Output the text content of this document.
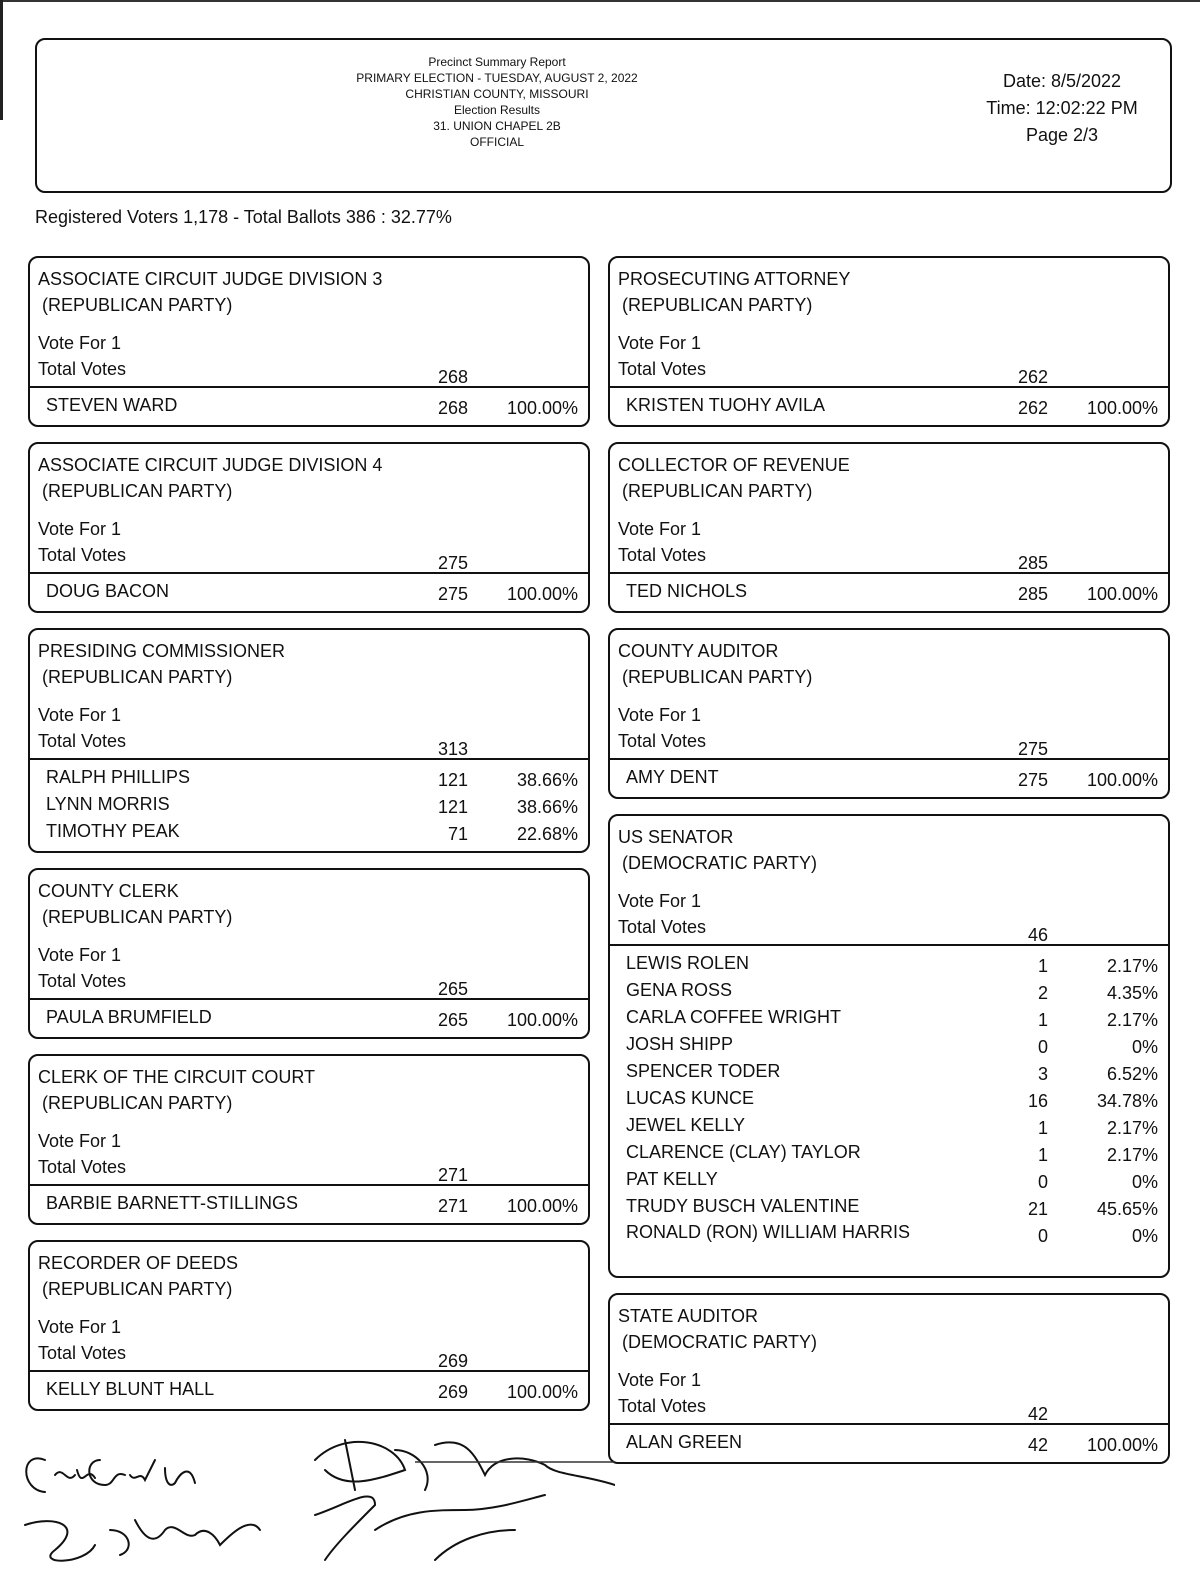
Precinct Summary Report
PRIMARY ELECTION - TUESDAY, AUGUST 2, 2022
CHRISTIAN COUNTY, MISSOURI
Election Results
31. UNION CHAPEL 2B
OFFICIAL
Date: 8/5/2022
Time: 12:02:22 PM
Page 2/3
Registered Voters 1,178 - Total Ballots 386 : 32.77%
ASSOCIATE CIRCUIT JUDGE DIVISION 3
(REPUBLICAN PARTY)
Vote For 1
Total Votes	268
STEVEN WARD	268	100.00%
ASSOCIATE CIRCUIT JUDGE DIVISION 4
(REPUBLICAN PARTY)
Vote For 1
Total Votes	275
DOUG BACON	275	100.00%
PRESIDING COMMISSIONER
(REPUBLICAN PARTY)
Vote For 1
Total Votes	313
RALPH PHILLIPS	121	38.66%
LYNN MORRIS	121	38.66%
TIMOTHY PEAK	71	22.68%
COUNTY CLERK
(REPUBLICAN PARTY)
Vote For 1
Total Votes	265
PAULA BRUMFIELD	265	100.00%
CLERK OF THE CIRCUIT COURT
(REPUBLICAN PARTY)
Vote For 1
Total Votes	271
BARBIE BARNETT-STILLINGS	271	100.00%
RECORDER OF DEEDS
(REPUBLICAN PARTY)
Vote For 1
Total Votes	269
KELLY BLUNT HALL	269	100.00%
PROSECUTING ATTORNEY
(REPUBLICAN PARTY)
Vote For 1
Total Votes	262
KRISTEN TUOHY AVILA	262	100.00%
COLLECTOR OF REVENUE
(REPUBLICAN PARTY)
Vote For 1
Total Votes	285
TED NICHOLS	285	100.00%
COUNTY AUDITOR
(REPUBLICAN PARTY)
Vote For 1
Total Votes	275
AMY DENT	275	100.00%
US SENATOR
(DEMOCRATIC PARTY)
Vote For 1
Total Votes	46
LEWIS ROLEN	1	2.17%
GENA ROSS	2	4.35%
CARLA COFFEE WRIGHT	1	2.17%
JOSH SHIPP	0	0%
SPENCER TODER	3	6.52%
LUCAS KUNCE	16	34.78%
JEWEL KELLY	1	2.17%
CLARENCE (CLAY) TAYLOR	1	2.17%
PAT KELLY	0	0%
TRUDY BUSCH VALENTINE	21	45.65%
RONALD (RON) WILLIAM HARRIS	0	0%
STATE AUDITOR
(DEMOCRATIC PARTY)
Vote For 1
Total Votes	42
ALAN GREEN	42	100.00%
